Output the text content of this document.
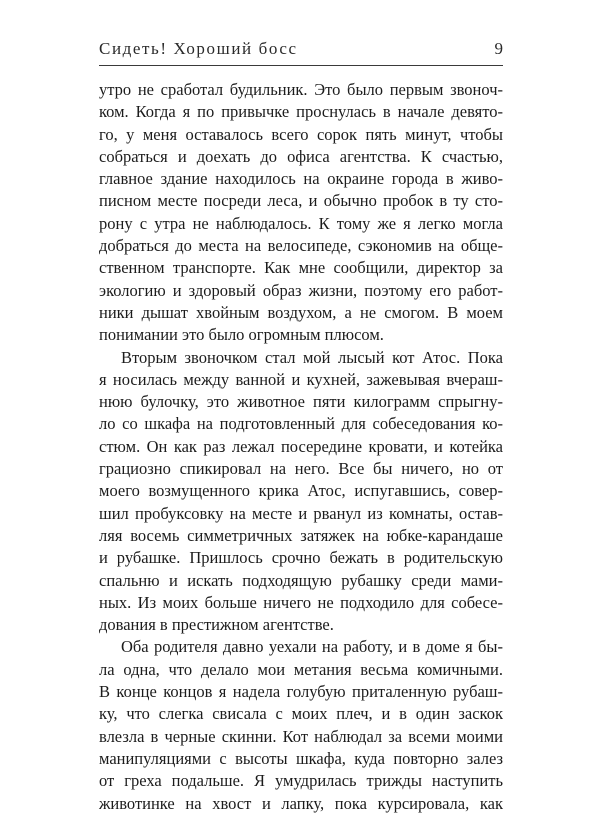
Сидеть! Хороший босс	9
утро не сработал будильник. Это было первым звоноч-
ком. Когда я по привычке проснулась в начале девято-
го, у меня оставалось всего сорок пять минут, чтобы
собраться и доехать до офиса агентства. К счастью,
главное здание находилось на окраине города в живо-
писном месте посреди леса, и обычно пробок в ту сто-
рону с утра не наблюдалось. К тому же я легко могла
добраться до места на велосипеде, сэкономив на обще-
ственном транспорте. Как мне сообщили, директор за
экологию и здоровый образ жизни, поэтому его работ-
ники дышат хвойным воздухом, а не смогом. В моем
понимании это было огромным плюсом.
Вторым звоночком стал мой лысый кот Атос. Пока
я носилась между ванной и кухней, зажевывая вчераш-
нюю булочку, это животное пяти килограмм спрыгну-
ло со шкафа на подготовленный для собеседования ко-
стюм. Он как раз лежал посередине кровати, и котейка
грациозно спикировал на него. Все бы ничего, но от
моего возмущенного крика Атос, испугавшись, совер-
шил пробуксовку на месте и рванул из комнаты, остав-
ляя восемь симметричных затяжек на юбке-карандаше
и рубашке. Пришлось срочно бежать в родительскую
спальню и искать подходящую рубашку среди мами-
ных. Из моих больше ничего не подходило для собесе-
дования в престижном агентстве.
Оба родителя давно уехали на работу, и в доме я бы-
ла одна, что делало мои метания весьма комичными.
В конце концов я надела голубую приталенную рубаш-
ку, что слегка свисала с моих плеч, и в один заскок
влезла в черные скинни. Кот наблюдал за всеми моими
манипуляциями с высоты шкафа, куда повторно залез
от греха подальше. Я умудрилась трижды наступить
животинке на хвост и лапку, пока курсировала, как
